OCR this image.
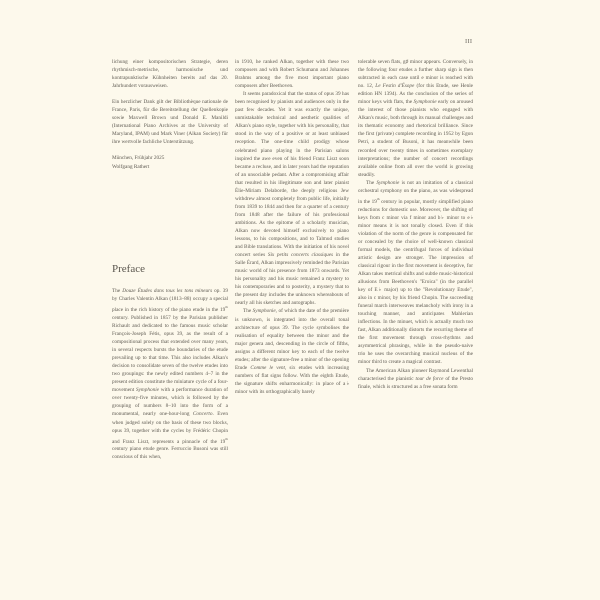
III

lichung einer kompositorischen Strategie, deren rhythmisch-metrische, harmonische und kontrapunktische Kühnheiten bereits auf das 20. Jahrhundert vorausweisen.

Ein herzlicher Dank gilt der Bibliothèque nationale de France, Paris, für die Bereitstellung der Quellenkopie sowie Maxwell Brown und Donald E. Manildi (International Piano Archives at the University of Maryland, IPAM) und Mark Viner (Alkan Society) für ihre wertvolle fachliche Unterstützung.

München, Frühjahr 2025

Wolfgang Rathert

Preface

The Douze Études dans tous les tons mineurs op. 39 by Charles Valentin Alkan (1813–88) occupy a special place in the rich history of the piano etude in the 19th century. Published in 1857 by the Parisian publisher Richault and dedicated to the famous music scholar François-Joseph Fétis, opus 39, as the result of a compositional process that extended over many years, in several respects bursts the boundaries of the etude prevailing up to that time. This also includes Alkan's decision to consolidate seven of the twelve etudes into two groupings: the newly edited numbers 4–7 in the present edition constitute the miniature cycle of a four-movement Symphonie with a performance duration of over twenty-five minutes, which is followed by the grouping of numbers 8–10 into the form of a monumental, nearly one-hour-long Concerto. Even when judged solely on the basis of these two blocks, opus 39, together with the cycles by Frédéric Chopin and Franz Liszt, represents a pinnacle of the 19th century piano etude genre. Ferruccio Busoni was still conscious of this when,

in 1910, he ranked Alkan, together with these two composers and with Robert Schumann and Johannes Brahms among the five most important piano composers after Beethoven.

It seems paradoxical that the status of opus 39 has been recognised by pianists and audiences only in the past few decades. Yet it was exactly the unique, unmistakable technical and aesthetic qualities of Alkan's piano style, together with his personality, that stood in the way of a positive or at least unbiased reception. The one-time child prodigy whose celebrated piano playing in the Parisian salons inspired the awe even of his friend Franz Liszt soon became a recluse, and in later years had the reputation of an unsociable pedant. After a compromising affair that resulted in his illegitimate son and later pianist Élie-Miriam Delaborde, the deeply religious Jew withdrew almost completely from public life, initially from 1839 to 1844 and then for a quarter of a century from 1848 after the failure of his professional ambitions. As the epitome of a scholarly musician, Alkan now devoted himself exclusively to piano lessons, to his compositions, and to Talmud studies and Bible translations. With the initiation of his novel concert series Six petits concerts classiques in the Salle Érard, Alkan impressively reminded the Parisian music world of his presence from 1873 onwards. Yet his personality and his music remained a mystery to his contemporaries and to posterity, a mystery that to the present day includes the unknown whereabouts of nearly all his sketches and autographs.

The Symphonie, of which the date of the première is unknown, is integrated into the overall tonal architecture of opus 39. The cycle symbolises the realisation of equality between the minor and the major genera and, descending in the circle of fifths, assigns a different minor key to each of the twelve etudes; after the signature-free a minor of the opening Etude Comme le vent, six etudes with increasing numbers of flat signs follow. With the eighth Etude, the signature shifts enharmonically: in place of a♭ minor with its orthographically barely

tolerable seven flats, g♯ minor appears. Conversely, in the following four etudes a further sharp sign is then subtracted in each case until e minor is reached with no. 12, Le Festin d'Ésope (for this Etude, see Henle edition HN 1394). As the conclusion of the series of minor keys with flats, the Symphonie early on aroused the interest of those pianists who engaged with Alkan's music, both through its manual challenges and its thematic economy and rhetorical brilliance. Since the first (private) complete recording in 1952 by Egon Petri, a student of Busoni, it has meanwhile been recorded over twenty times in sometimes exemplary interpretations; the number of concert recordings available online from all over the world is growing steadily.

The Symphonie is not an imitation of a classical orchestral symphony on the piano, as was widespread in the 19th century in popular, mostly simplified piano reductions for domestic use. Moreover, the shifting of keys from c minor via f minor and b♭ minor to e♭ minor means it is not tonally closed. Even if this violation of the norm of the genre is compensated for or concealed by the choice of well-known classical formal models, the centrifugal forces of individual artistic design are stronger. The impression of classical rigour in the first movement is deceptive, for Alkan takes metrical shifts and subtle music-historical allusions from Beethoven's "Eroica" (in the parallel key of E♭ major) up to the "Revolutionary Etude", also in c minor, by his friend Chopin. The succeeding funeral march interweaves melancholy with irony in a touching manner, and anticipates Mahlerian inflections. In the minuet, which is actually much too fast, Alkan additionally distorts the recurring theme of the first movement through cross-rhythms and asymmetrical phrasings, while in the pseudo-naive trio he uses the overarching musical nucleus of the minor third to create a magical contrast.

The American Alkan pioneer Raymond Lewenthal characterised the pianistic tour de force of the Presto finale, which is structured as a free sonata form
